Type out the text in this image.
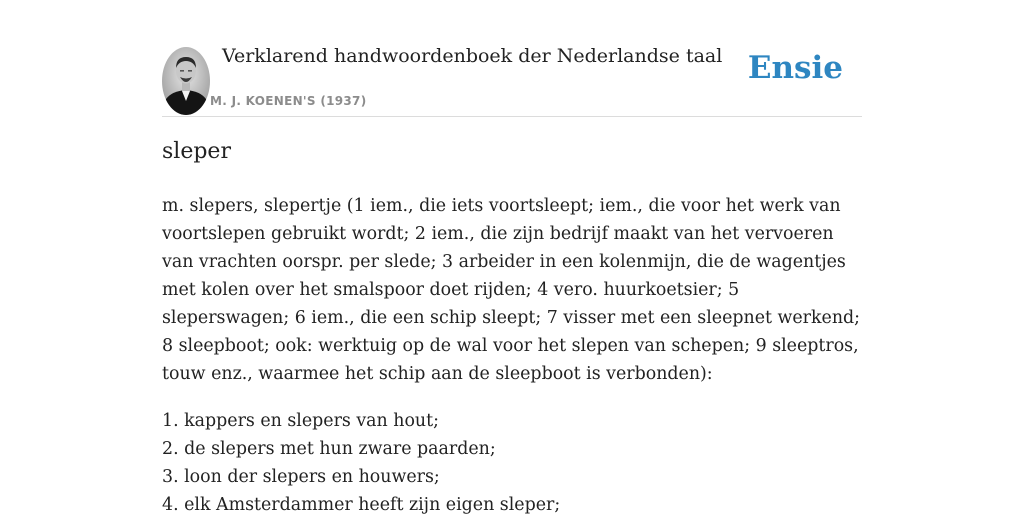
Verklarend handwoordenboek der Nederlandse taal
M. J. KOENEN'S (1937)
Ensie
sleper

m. slepers, slepertje (1 iem., die iets voortsleept; iem., die voor het werk van voortslepen gebruikt wordt; 2 iem., die zijn bedrijf maakt van het vervoeren van vrachten oorspr. per slede; 3 arbeider in een kolenmijn, die de wagentjes met kolen over het smalspoor doet rijden; 4 vero. huurkoetsier; 5 sleperswagen; 6 iem., die een schip sleept; 7 visser met een sleepnet werkend; 8 sleepboot; ook: werktuig op de wal voor het slepen van schepen; 9 sleeptros, touw enz., waarmee het schip aan de sleepboot is verbonden):

1. kappers en slepers van hout;
2. de slepers met hun zware paarden;
3. loon der slepers en houwers;
4. elk Amsterdammer heeft zijn eigen sleper;
